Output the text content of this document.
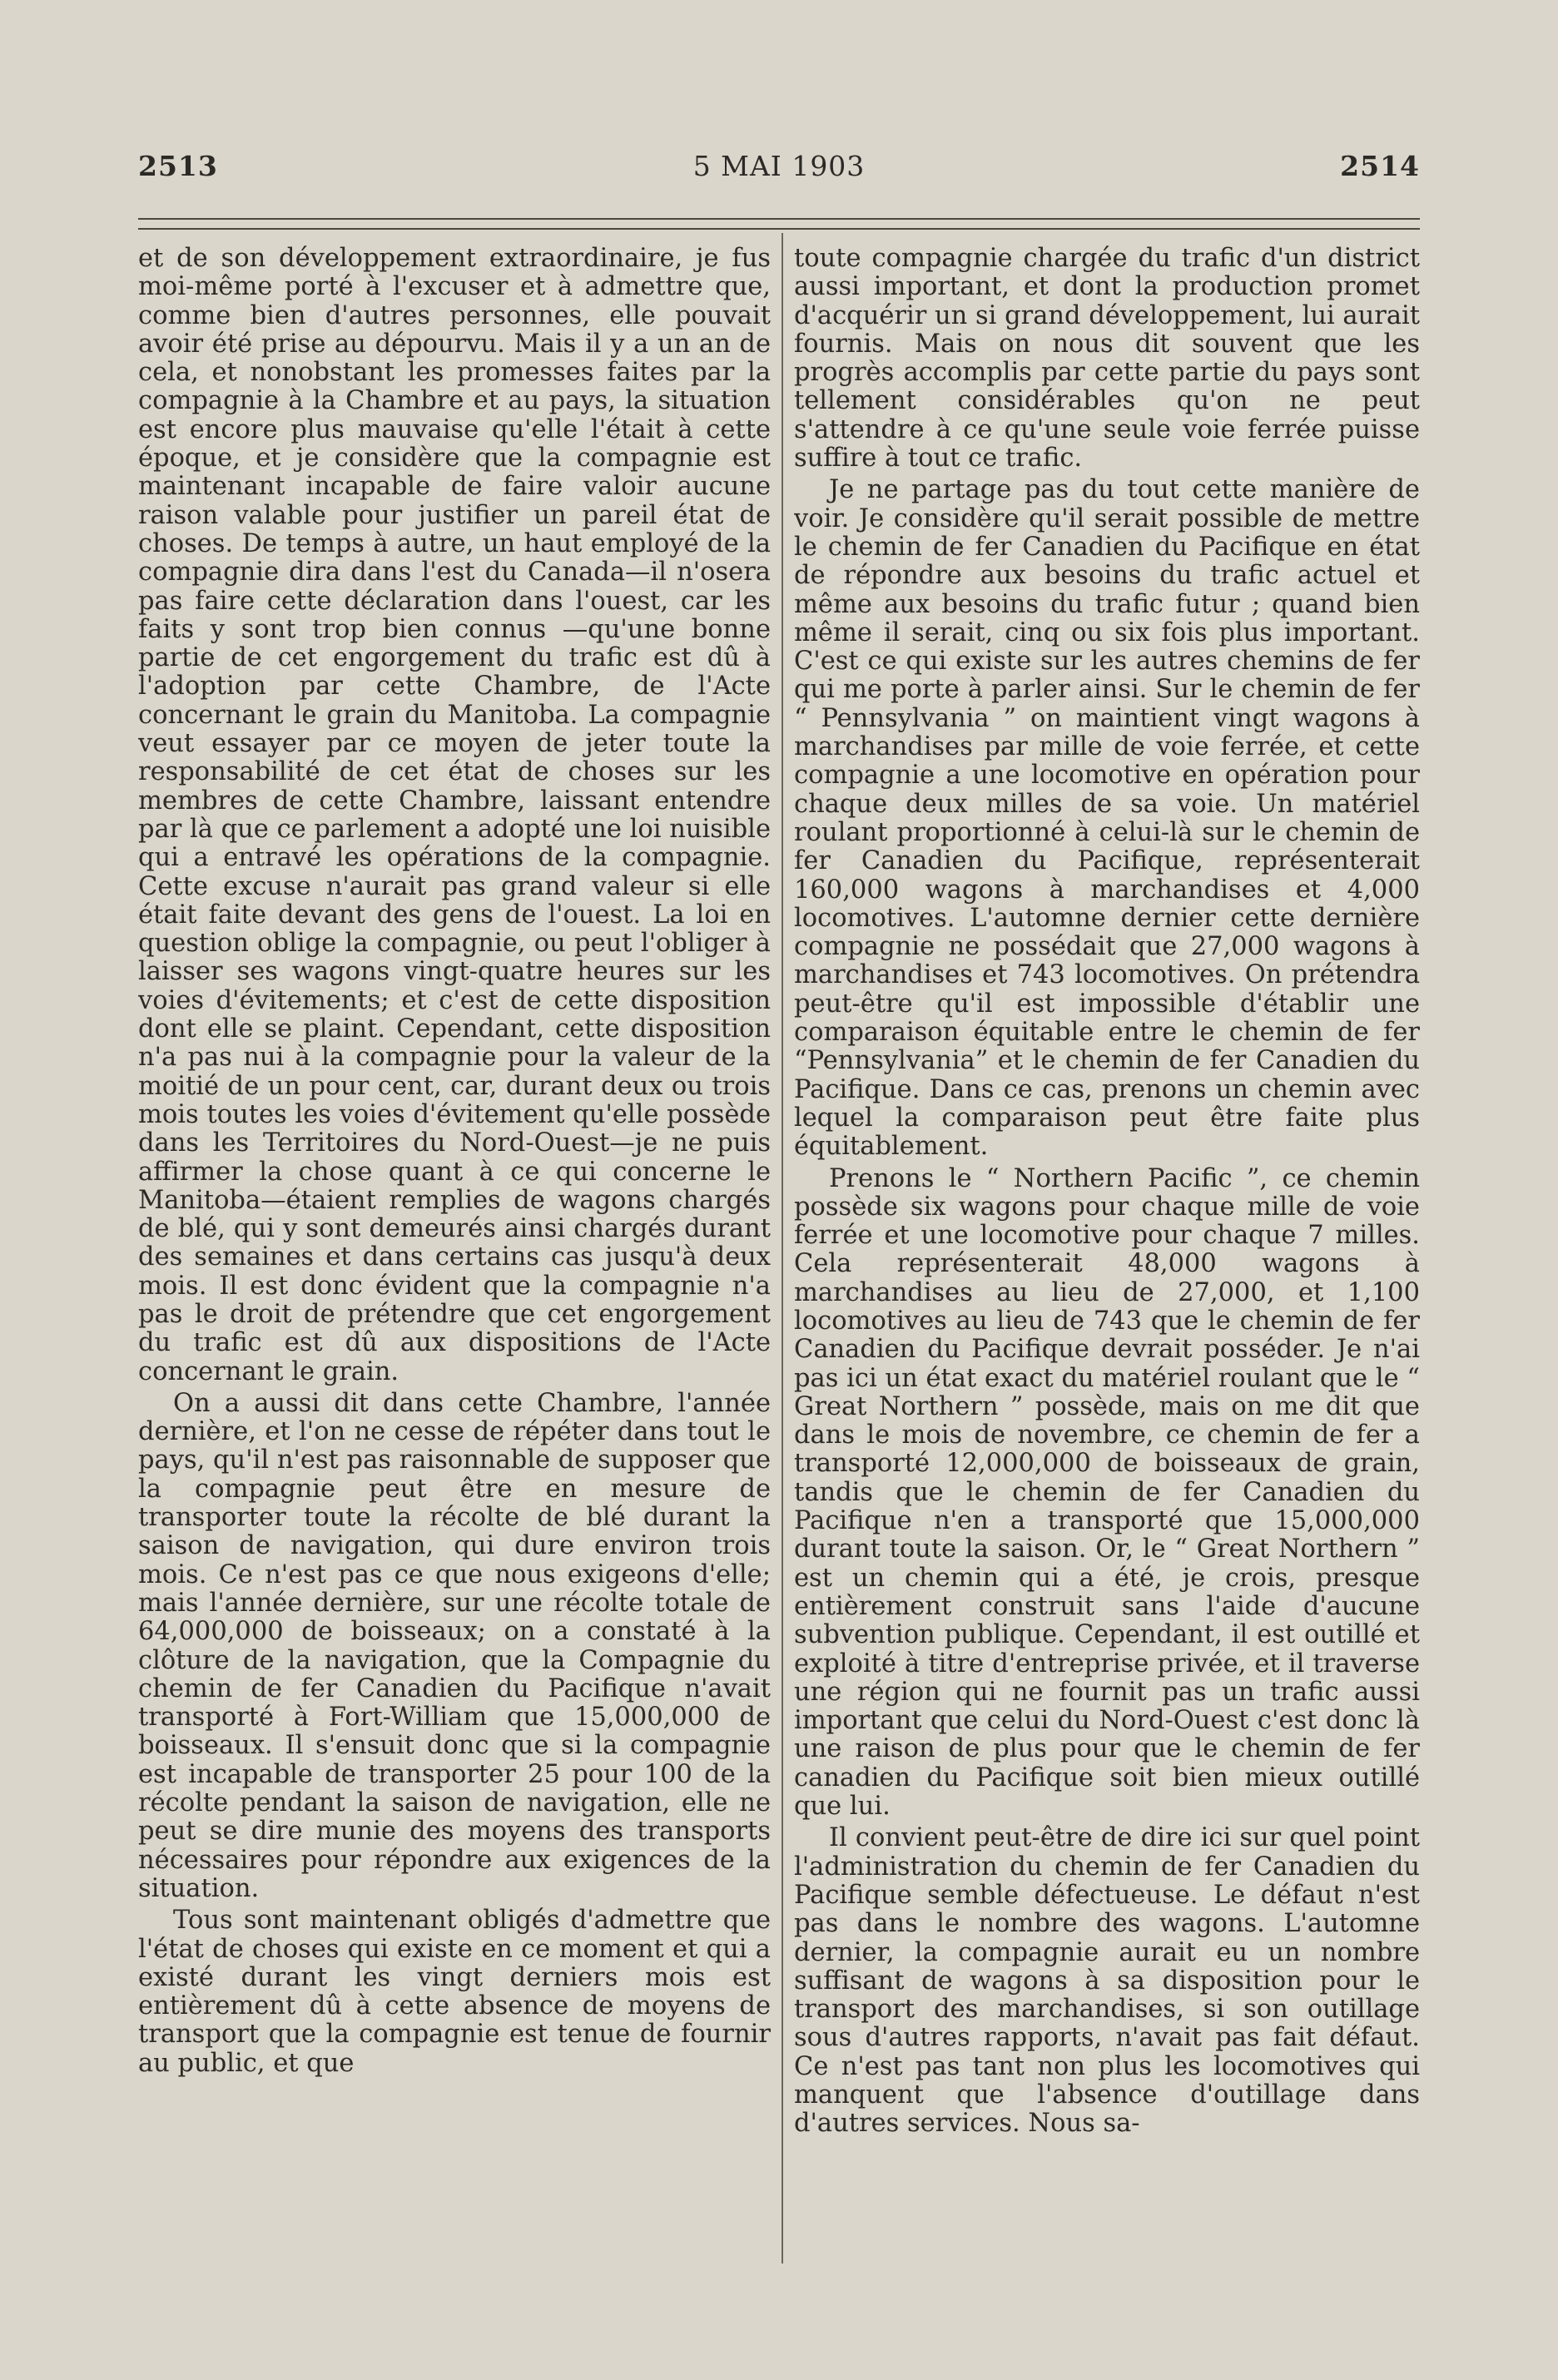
2513	5 MAI 1903	2514

et de son développement extraordinaire, je fus moi-même porté à l'excuser et à admettre que, comme bien d'autres personnes, elle pouvait avoir été prise au dépourvu. Mais il y a un an de cela, et nonobstant les promesses faites par la compagnie à la Chambre et au pays, la situation est encore plus mauvaise qu'elle l'était à cette époque, et je considère que la compagnie est maintenant incapable de faire valoir aucune raison valable pour justifier un pareil état de choses. De temps à autre, un haut employé de la compagnie dira dans l'est du Canada—il n'osera pas faire cette déclaration dans l'ouest, car les faits y sont trop bien connus —qu'une bonne partie de cet engorgement du trafic est dû à l'adoption par cette Chambre, de l'Acte concernant le grain du Manitoba. La compagnie veut essayer par ce moyen de jeter toute la responsabilité de cet état de choses sur les membres de cette Chambre, laissant entendre par là que ce parlement a adopté une loi nuisible qui a entravé les opérations de la compagnie. Cette excuse n'aurait pas grand valeur si elle était faite devant des gens de l'ouest. La loi en question oblige la compagnie, ou peut l'obliger à laisser ses wagons vingt-quatre heures sur les voies d'évitements; et c'est de cette disposition dont elle se plaint. Cependant, cette disposition n'a pas nui à la compagnie pour la valeur de la moitié de un pour cent, car, durant deux ou trois mois toutes les voies d'évitement qu'elle possède dans les Territoires du Nord-Ouest—je ne puis affirmer la chose quant à ce qui concerne le Manitoba—étaient remplies de wagons chargés de blé, qui y sont demeurés ainsi chargés durant des semaines et dans certains cas jusqu'à deux mois. Il est donc évident que la compagnie n'a pas le droit de prétendre que cet engorgement du trafic est dû aux dispositions de l'Acte concernant le grain.

On a aussi dit dans cette Chambre, l'année dernière, et l'on ne cesse de répéter dans tout le pays, qu'il n'est pas raisonnable de supposer que la compagnie peut être en mesure de transporter toute la récolte de blé durant la saison de navigation, qui dure environ trois mois. Ce n'est pas ce que nous exigeons d'elle; mais l'année dernière, sur une récolte totale de 64,000,000 de boisseaux; on a constaté à la clôture de la navigation, que la Compagnie du chemin de fer Canadien du Pacifique n'avait transporté à Fort-William que 15,000,000 de boisseaux. Il s'ensuit donc que si la compagnie est incapable de transporter 25 pour 100 de la récolte pendant la saison de navigation, elle ne peut se dire munie des moyens des transports nécessaires pour répondre aux exigences de la situation.

Tous sont maintenant obligés d'admettre que l'état de choses qui existe en ce moment et qui a existé durant les vingt derniers mois est entièrement dû à cette absence de moyens de transport que la compagnie est tenue de fournir au public, et que

toute compagnie chargée du trafic d'un district aussi important, et dont la production promet d'acquérir un si grand développement, lui aurait fournis. Mais on nous dit souvent que les progrès accomplis par cette partie du pays sont tellement considérables qu'on ne peut s'attendre à ce qu'une seule voie ferrée puisse suffire à tout ce trafic.

Je ne partage pas du tout cette manière de voir. Je considère qu'il serait possible de mettre le chemin de fer Canadien du Pacifique en état de répondre aux besoins du trafic actuel et même aux besoins du trafic futur ; quand bien même il serait, cinq ou six fois plus important. C'est ce qui existe sur les autres chemins de fer qui me porte à parler ainsi. Sur le chemin de fer “ Pennsylvania ” on maintient vingt wagons à marchandises par mille de voie ferrée, et cette compagnie a une locomotive en opération pour chaque deux milles de sa voie. Un matériel roulant proportionné à celui-là sur le chemin de fer Canadien du Pacifique, représenterait 160,000 wagons à marchandises et 4,000 locomotives. L'automne dernier cette dernière compagnie ne possédait que 27,000 wagons à marchandises et 743 locomotives. On prétendra peut-être qu'il est impossible d'établir une comparaison équitable entre le chemin de fer “Pennsylvania” et le chemin de fer Canadien du Pacifique. Dans ce cas, prenons un chemin avec lequel la comparaison peut être faite plus équitablement.

Prenons le “ Northern Pacific ”, ce chemin possède six wagons pour chaque mille de voie ferrée et une locomotive pour chaque 7 milles. Cela représenterait 48,000 wagons à marchandises au lieu de 27,000, et 1,100 locomotives au lieu de 743 que le chemin de fer Canadien du Pacifique devrait posséder. Je n'ai pas ici un état exact du matériel roulant que le “ Great Northern ” possède, mais on me dit que dans le mois de novembre, ce chemin de fer a transporté 12,000,000 de boisseaux de grain, tandis que le chemin de fer Canadien du Pacifique n'en a transporté que 15,000,000 durant toute la saison. Or, le “ Great Northern ” est un chemin qui a été, je crois, presque entièrement construit sans l'aide d'aucune subvention publique. Cependant, il est outillé et exploité à titre d'entreprise privée, et il traverse une région qui ne fournit pas un trafic aussi important que celui du Nord-Ouest c'est donc là une raison de plus pour que le chemin de fer canadien du Pacifique soit bien mieux outillé que lui.

Il convient peut-être de dire ici sur quel point l'administration du chemin de fer Canadien du Pacifique semble défectueuse. Le défaut n'est pas dans le nombre des wagons. L'automne dernier, la compagnie aurait eu un nombre suffisant de wagons à sa disposition pour le transport des marchandises, si son outillage sous d'autres rapports, n'avait pas fait défaut. Ce n'est pas tant non plus les locomotives qui manquent que l'absence d'outillage dans d'autres services. Nous sa-
